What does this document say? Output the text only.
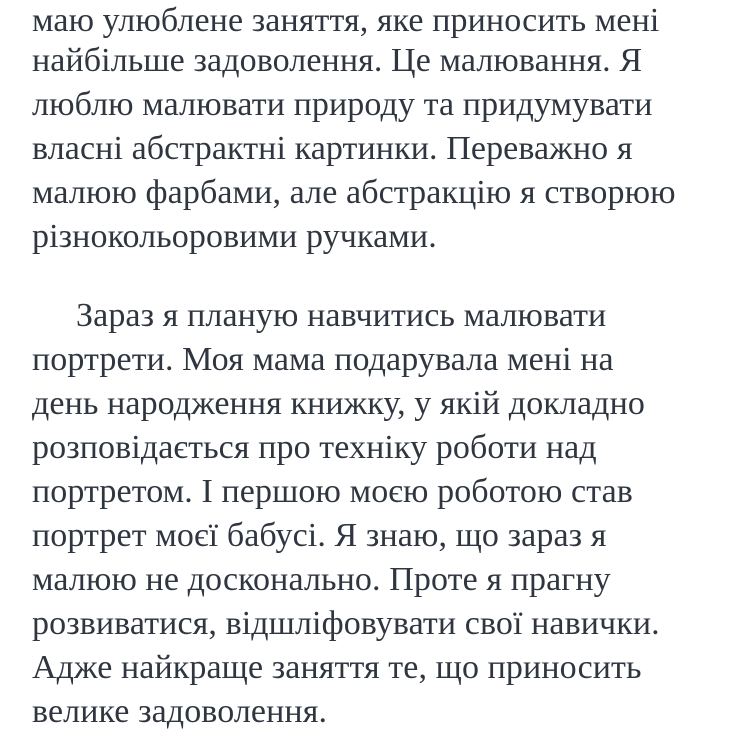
маю улюблене заняття, яке приносить мені

найбільше задоволення. Це малювання. Я

люблю малювати природу та придумувати

власні абстрактні картинки. Переважно я

малюю фарбами, але абстракцію я створюю

різнокольоровими ручками.

Зараз я планую навчитись малювати

портрети. Моя мама подарувала мені на

день народження книжку, у якій докладно

розповідається про техніку роботи над

портретом. І першою моєю роботою став

портрет моєї бабусі. Я знаю, що зараз я

малюю не досконально. Проте я прагну

розвиватися, відшліфовувати свої навички.

Адже найкраще заняття те, що приносить

велике задоволення.
